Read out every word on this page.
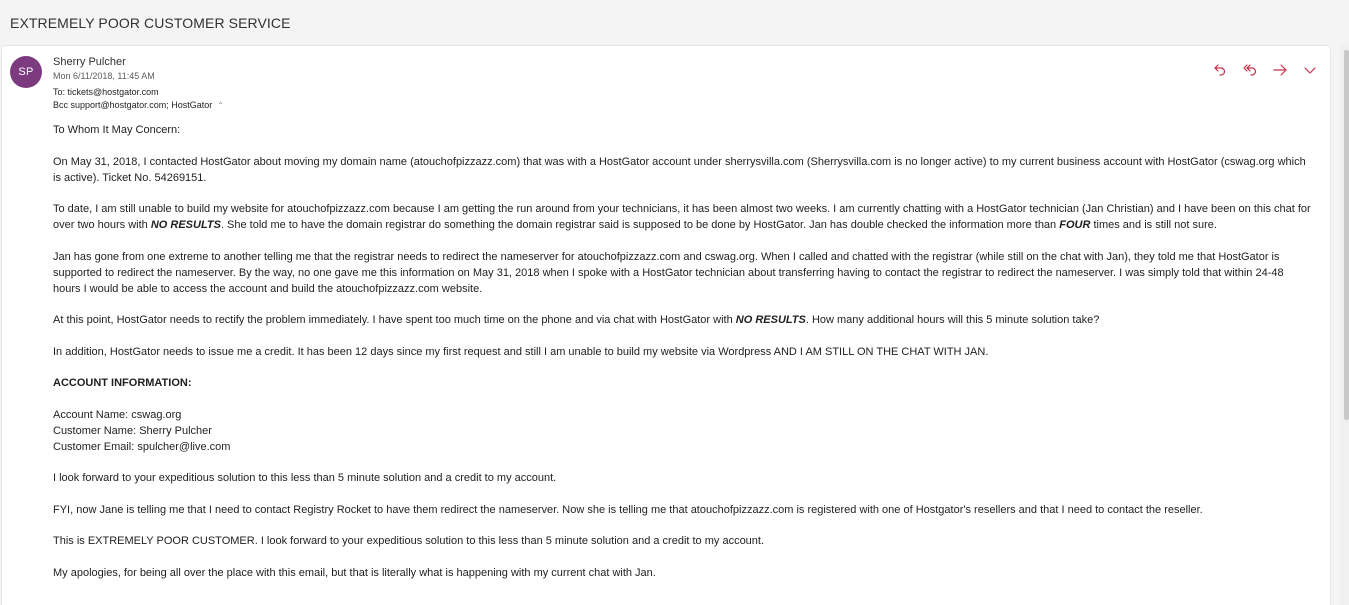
EXTREMELY POOR CUSTOMER SERVICE
SP
Sherry Pulcher
Mon 6/11/2018, 11:45 AM
To: tickets@hostgator.com
Bcc support@hostgator.com; HostGator ⌃

To Whom It May Concern:

On May 31, 2018, I contacted HostGator about moving my domain name (atouchofpizzazz.com) that was with a HostGator account under sherrysvilla.com (Sherrysvilla.com is no longer active) to my current business account with HostGator (cswag.org which is active). Ticket No. 54269151.

To date, I am still unable to build my website for atouchofpizzazz.com because I am getting the run around from your technicians, it has been almost two weeks. I am currently chatting with a HostGator technician (Jan Christian) and I have been on this chat for over two hours with NO RESULTS. She told me to have the domain registrar do something the domain registrar said is supposed to be done by HostGator. Jan has double checked the information more than FOUR times and is still not sure.

Jan has gone from one extreme to another telling me that the registrar needs to redirect the nameserver for atouchofpizzazz.com and cswag.org. When I called and chatted with the registrar (while still on the chat with Jan), they told me that HostGator is supported to redirect the nameserver. By the way, no one gave me this information on May 31, 2018 when I spoke with a HostGator technician about transferring having to contact the registrar to redirect the nameserver. I was simply told that within 24-48 hours I would be able to access the account and build the atouchofpizzazz.com website.

At this point, HostGator needs to rectify the problem immediately. I have spent too much time on the phone and via chat with HostGator with NO RESULTS. How many additional hours will this 5 minute solution take?

In addition, HostGator needs to issue me a credit. It has been 12 days since my first request and still I am unable to build my website via Wordpress AND I AM STILL ON THE CHAT WITH JAN.

ACCOUNT INFORMATION:

Account Name: cswag.org

Customer Name: Sherry Pulcher

Customer Email: spulcher@live.com

I look forward to your expeditious solution to this less than 5 minute solution and a credit to my account.

FYI, now Jane is telling me that I need to contact Registry Rocket to have them redirect the nameserver. Now she is telling me that atouchofpizzazz.com is registered with one of Hostgator's resellers and that I need to contact the reseller.

This is EXTREMELY POOR CUSTOMER. I look forward to your expeditious solution to this less than 5 minute solution and a credit to my account.

My apologies, for being all over the place with this email, but that is literally what is happening with my current chat with Jan.
